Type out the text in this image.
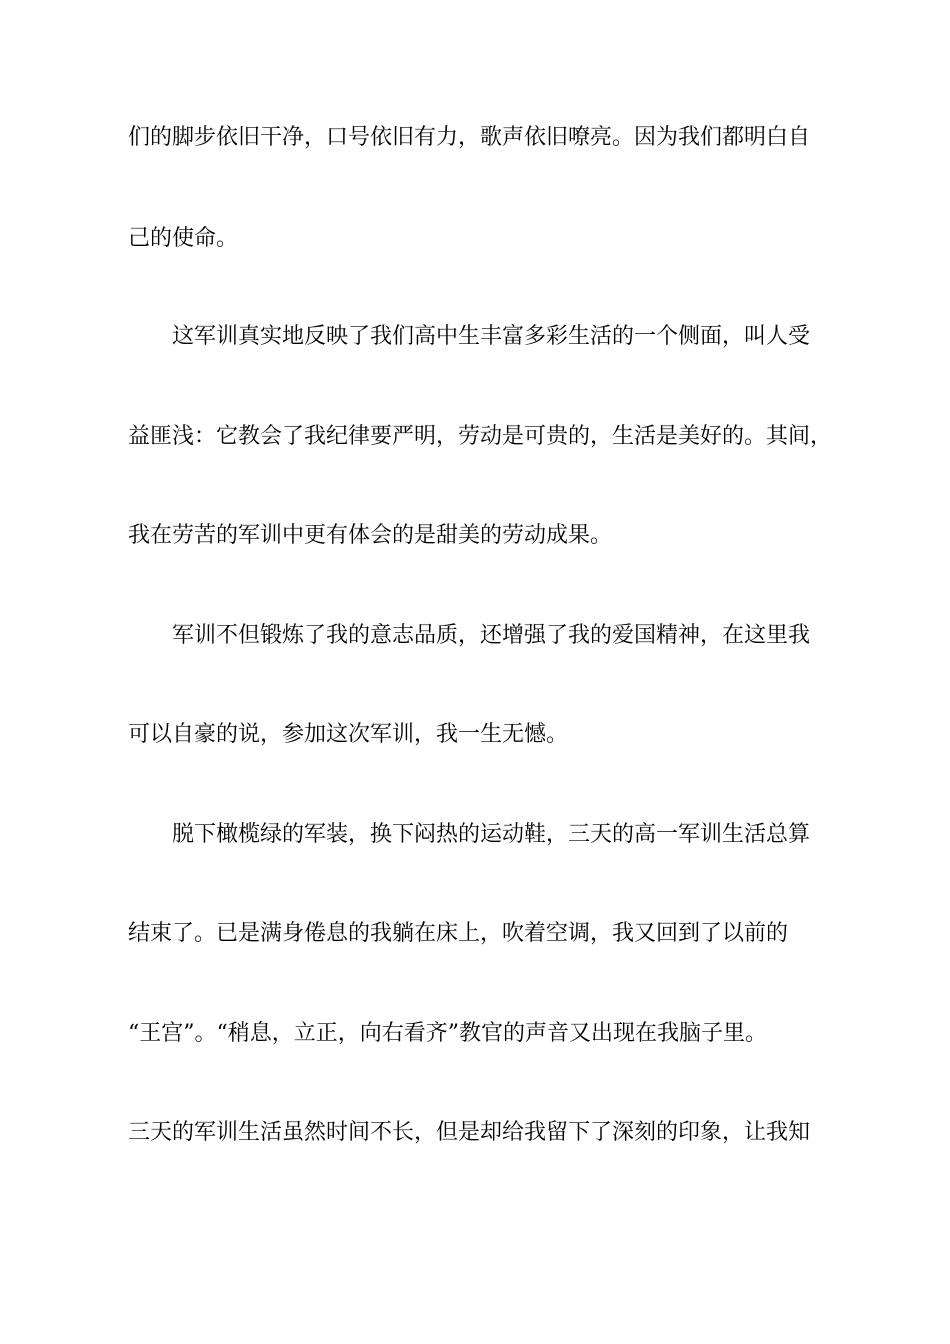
们的脚步依旧干净，口号依旧有力，歌声依旧嘹亮。因为我们都明白自
己的使命。
　　这军训真实地反映了我们高中生丰富多彩生活的一个侧面，叫人受
益匪浅：它教会了我纪律要严明，劳动是可贵的，生活是美好的。其间，
我在劳苦的军训中更有体会的是甜美的劳动成果。
　　军训不但锻炼了我的意志品质，还增强了我的爱国精神，在这里我
可以自豪的说，参加这次军训，我一生无憾。
　　脱下橄榄绿的军装，换下闷热的运动鞋，三天的高一军训生活总算
结束了。已是满身倦息的我躺在床上，吹着空调，我又回到了以前的
“王宫”。“稍息，立正，向右看齐”教官的声音又出现在我脑子里。
三天的军训生活虽然时间不长，但是却给我留下了深刻的印象，让我知
